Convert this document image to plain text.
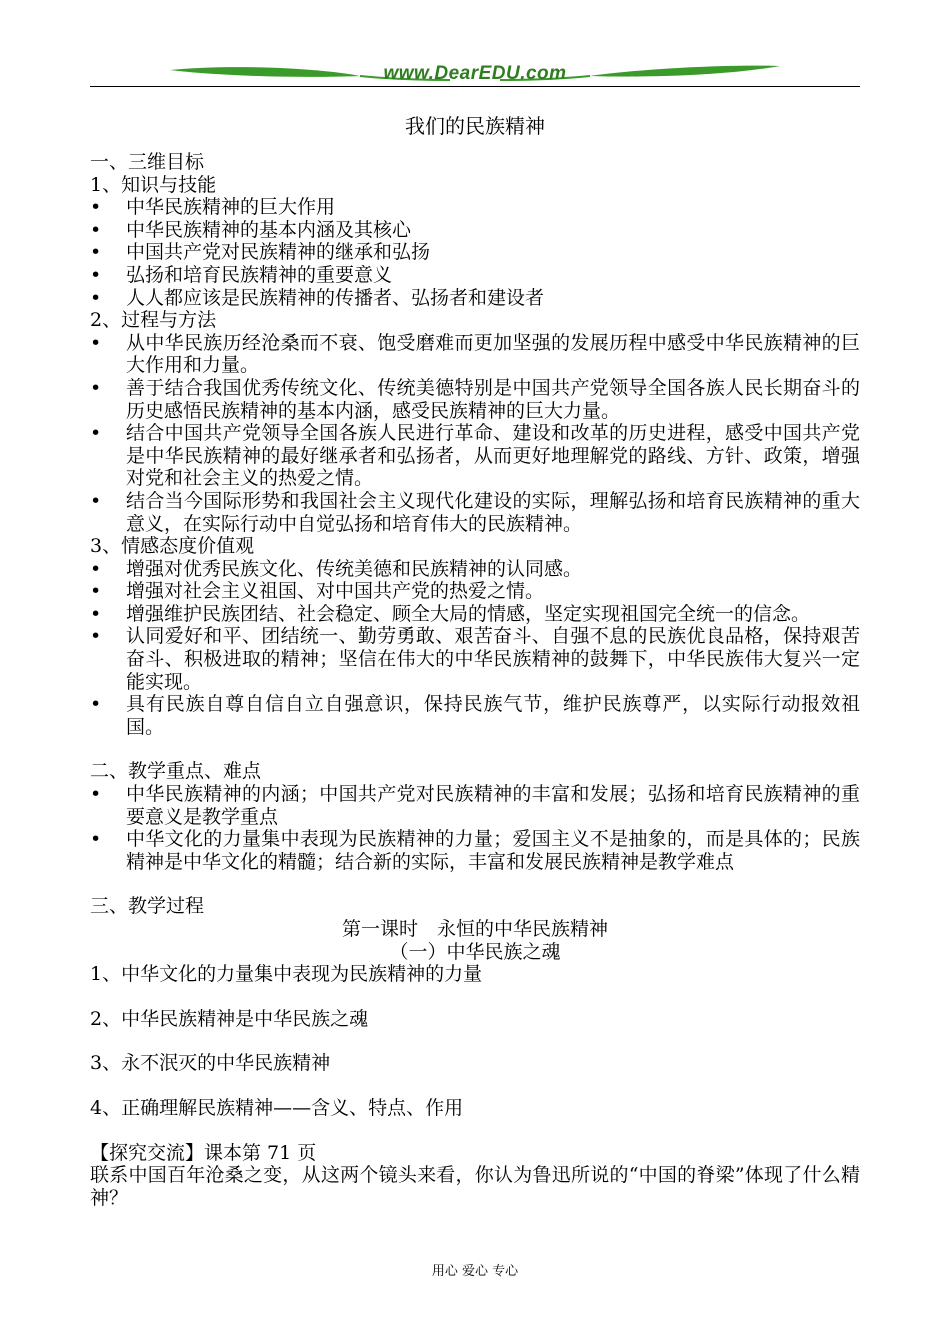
www.DearEDU.com
我们的民族精神

一、三维目标

1、知识与技能

•	中华民族精神的巨大作用
•	中华民族精神的基本内涵及其核心
•	中国共产党对民族精神的继承和弘扬
•	弘扬和培育民族精神的重要意义
•	人人都应该是民族精神的传播者、弘扬者和建设者

2、过程与方法

•	从中华民族历经沧桑而不衰、饱受磨难而更加坚强的发展历程中感受中华民族精神的巨大作用和力量。
•	善于结合我国优秀传统文化、传统美德特别是中国共产党领导全国各族人民长期奋斗的历史感悟民族精神的基本内涵，感受民族精神的巨大力量。
•	结合中国共产党领导全国各族人民进行革命、建设和改革的历史进程，感受中国共产党是中华民族精神的最好继承者和弘扬者，从而更好地理解党的路线、方针、政策，增强对党和社会主义的热爱之情。
•	结合当今国际形势和我国社会主义现代化建设的实际，理解弘扬和培育民族精神的重大意义，在实际行动中自觉弘扬和培育伟大的民族精神。

3、情感态度价值观

•	增强对优秀民族文化、传统美德和民族精神的认同感。
•	增强对社会主义祖国、对中国共产党的热爱之情。
•	增强维护民族团结、社会稳定、顾全大局的情感，坚定实现祖国完全统一的信念。
•	认同爱好和平、团结统一、勤劳勇敢、艰苦奋斗、自强不息的民族优良品格，保持艰苦奋斗、积极进取的精神；坚信在伟大的中华民族精神的鼓舞下，中华民族伟大复兴一定能实现。
•	具有民族自尊自信自立自强意识，保持民族气节，维护民族尊严，以实际行动报效祖国。

二、教学重点、难点

•	中华民族精神的内涵；中国共产党对民族精神的丰富和发展；弘扬和培育民族精神的重要意义是教学重点
•	中华文化的力量集中表现为民族精神的力量；爱国主义不是抽象的，而是具体的；民族精神是中华文化的精髓；结合新的实际，丰富和发展民族精神是教学难点

三、教学过程

第一课时　永恒的中华民族精神

（一）中华民族之魂

1、中华文化的力量集中表现为民族精神的力量

2、中华民族精神是中华民族之魂

3、永不泯灭的中华民族精神

4、正确理解民族精神——含义、特点、作用

【探究交流】课本第 71 页

联系中国百年沧桑之变，从这两个镜头来看，你认为鲁迅所说的“中国的脊梁”体现了什么精神？

用心 爱心 专心
